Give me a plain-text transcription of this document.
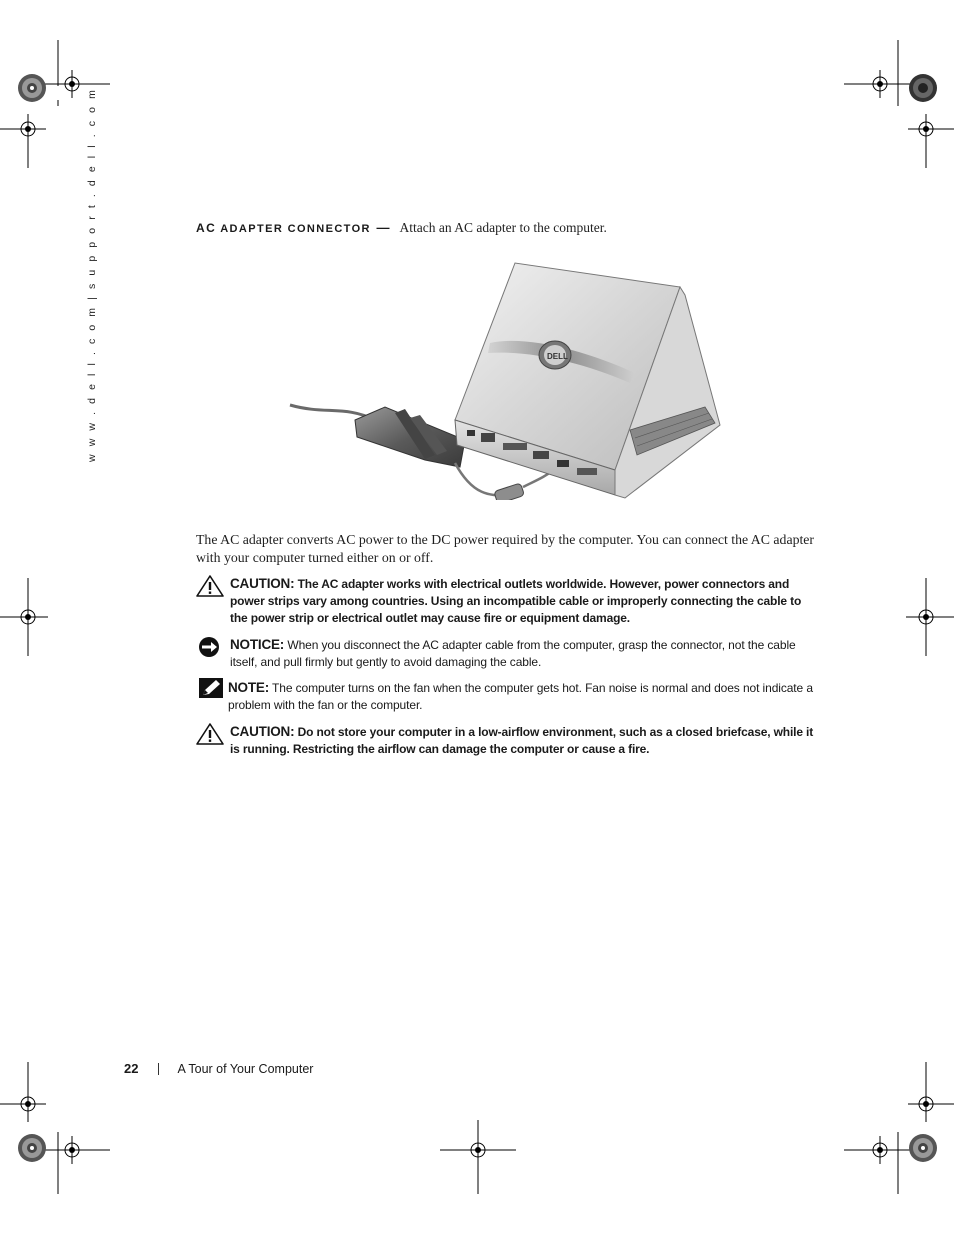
w w w . d e l l . c o m | s u p p o r t . d e l l . c o m	AC ADAPTER CONNECTOR — Attach an AC adapter to the computer.
DELL
The AC adapter converts AC power to the DC power required by the computer. You can connect the AC adapter with your computer turned either on or off.
CAUTION: The AC adapter works with electrical outlets worldwide. However, power connectors and power strips vary among countries. Using an incompatible cable or improperly connecting the cable to the power strip or electrical outlet may cause fire or equipment damage.
NOTICE: When you disconnect the AC adapter cable from the computer, grasp the connector, not the cable itself, and pull firmly but gently to avoid damaging the cable.
NOTE: The computer turns on the fan when the computer gets hot. Fan noise is normal and does not indicate a problem with the fan or the computer.
CAUTION: Do not store your computer in a low-airflow environment, such as a closed briefcase, while it is running. Restricting the airflow can damage the computer or cause a fire.
22	A Tour of Your Computer
